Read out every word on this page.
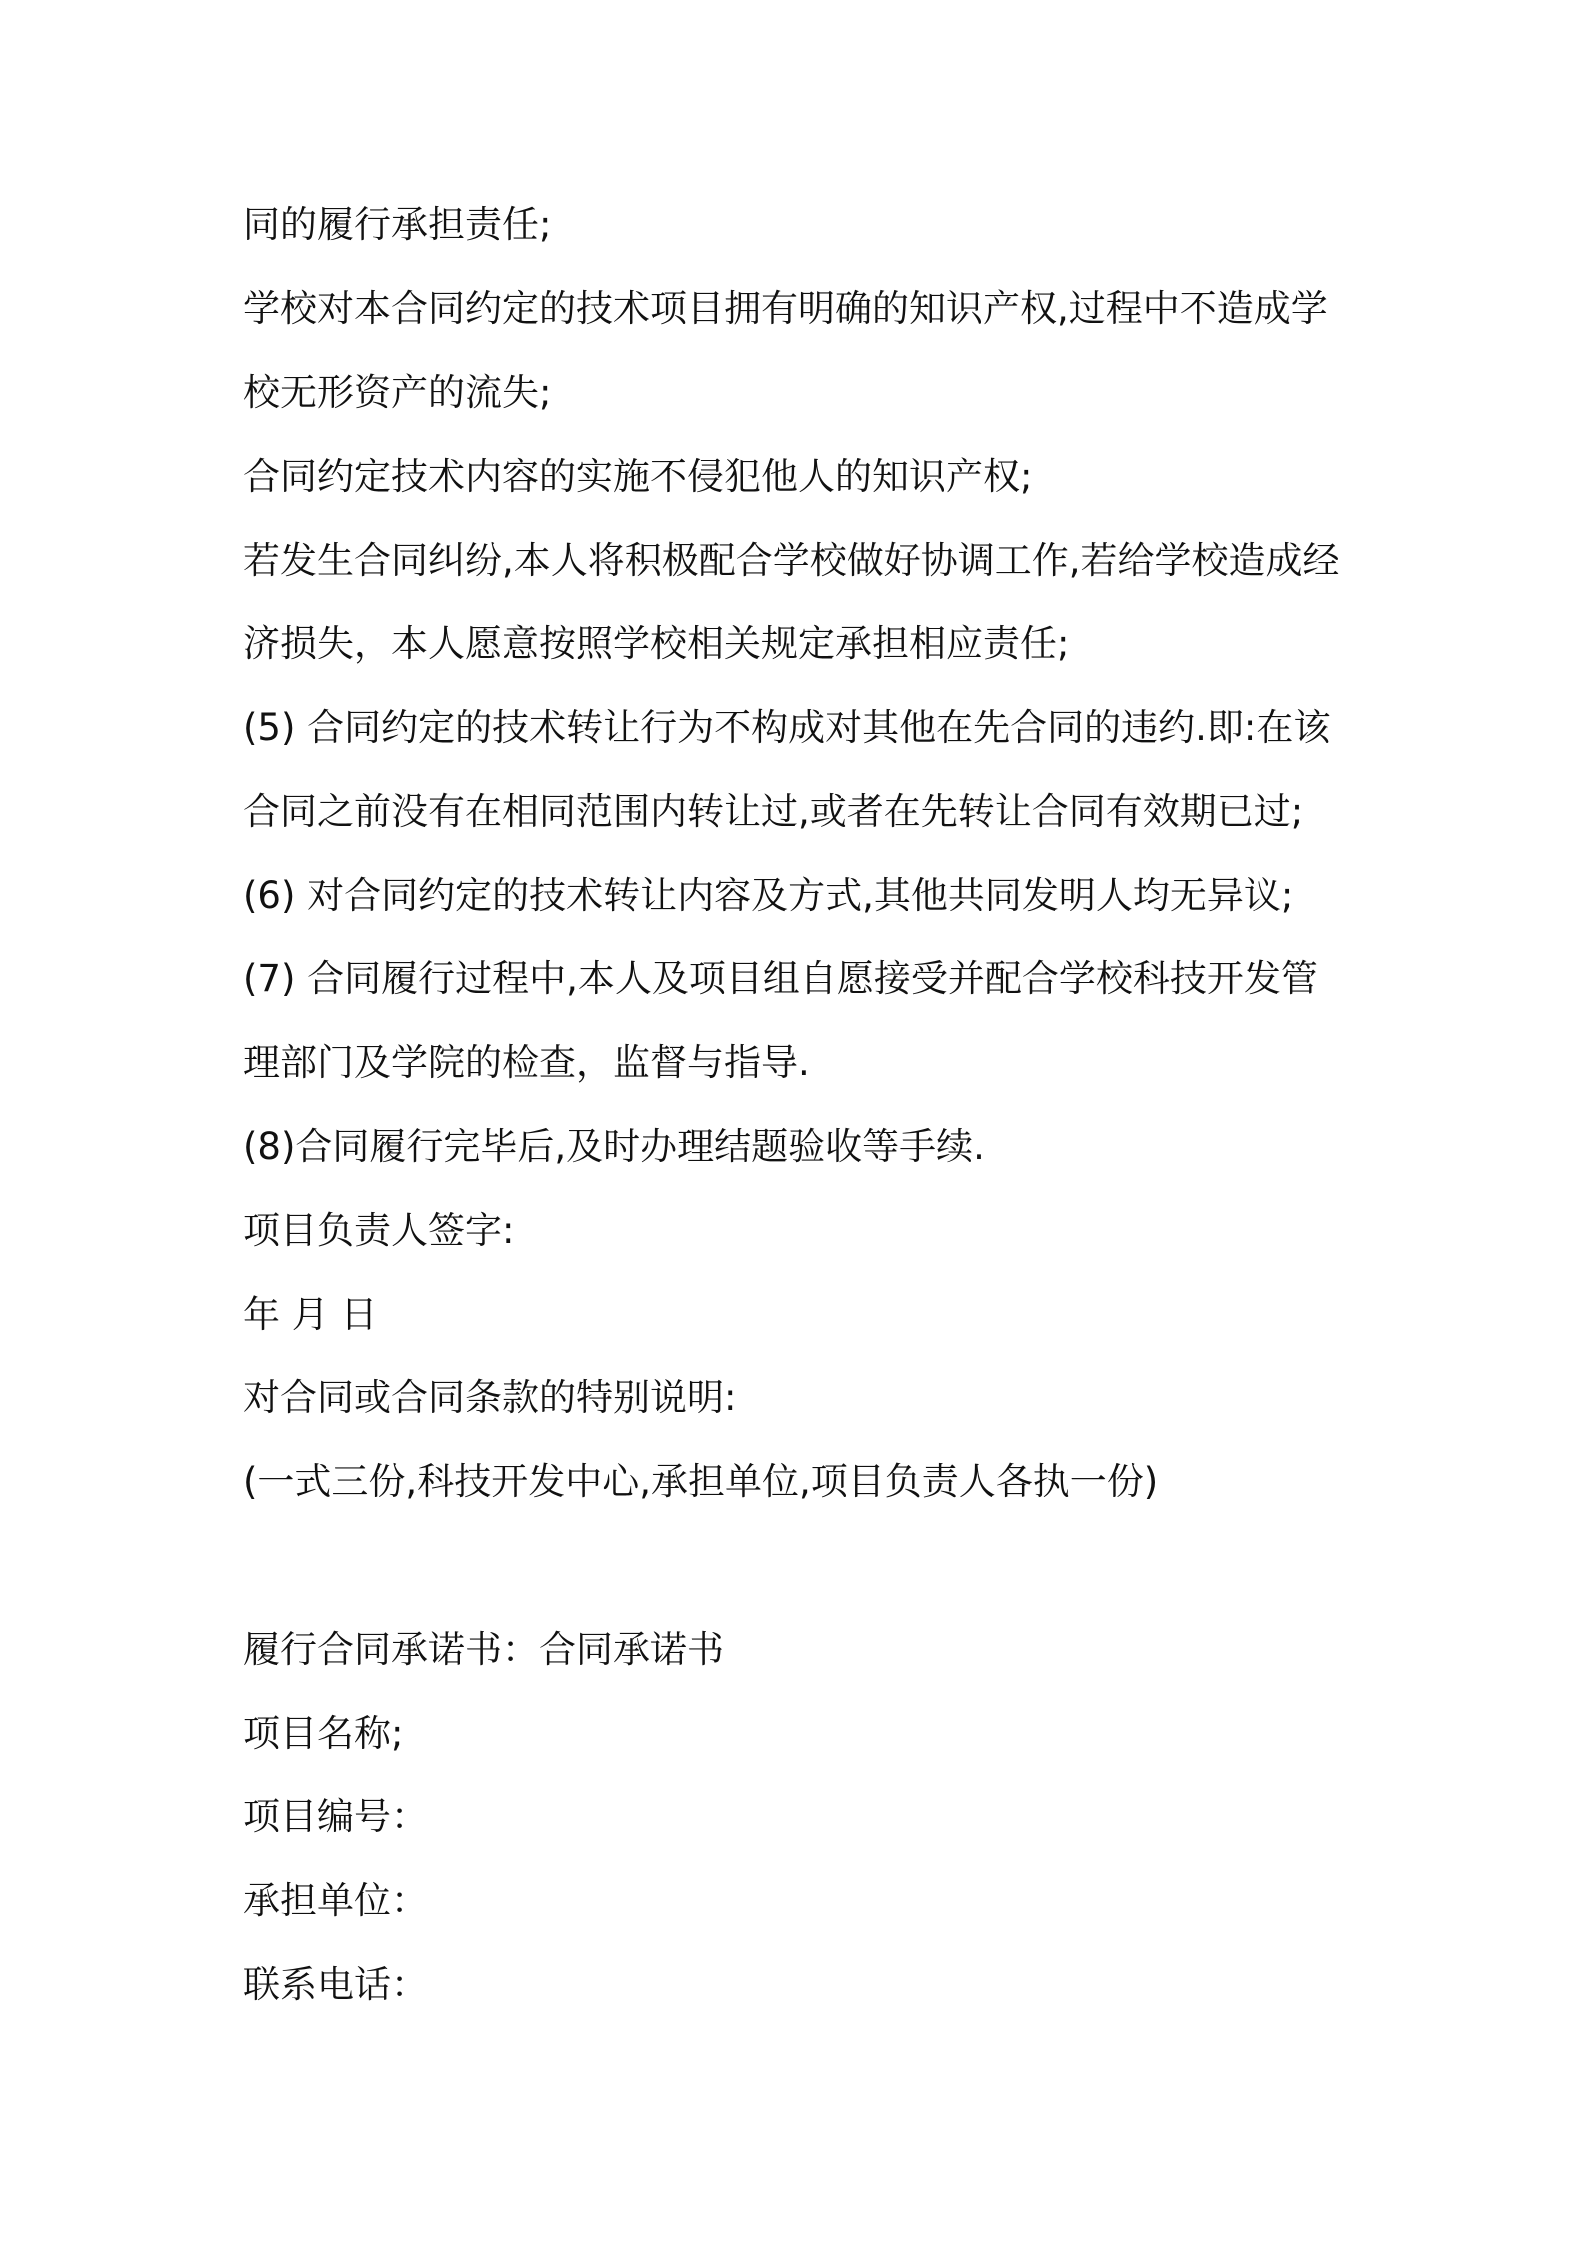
同的履行承担责任;
学校对本合同约定的技术项目拥有明确的知识产权,过程中不造成学
校无形资产的流失;
合同约定技术内容的实施不侵犯他人的知识产权;
若发生合同纠纷,本人将积极配合学校做好协调工作,若给学校造成经
济损失，本人愿意按照学校相关规定承担相应责任;
(5) 合同约定的技术转让行为不构成对其他在先合同的违约.即:在该
合同之前没有在相同范围内转让过,或者在先转让合同有效期已过;
(6) 对合同约定的技术转让内容及方式,其他共同发明人均无异议;
(7) 合同履行过程中,本人及项目组自愿接受并配合学校科技开发管
理部门及学院的检查，监督与指导.
(8)合同履行完毕后,及时办理结题验收等手续.
项目负责人签字:
年 月 日
对合同或合同条款的特别说明:
(一式三份,科技开发中心,承担单位,项目负责人各执一份)
履行合同承诺书：合同承诺书
项目名称;
项目编号：
承担单位：
联系电话：
